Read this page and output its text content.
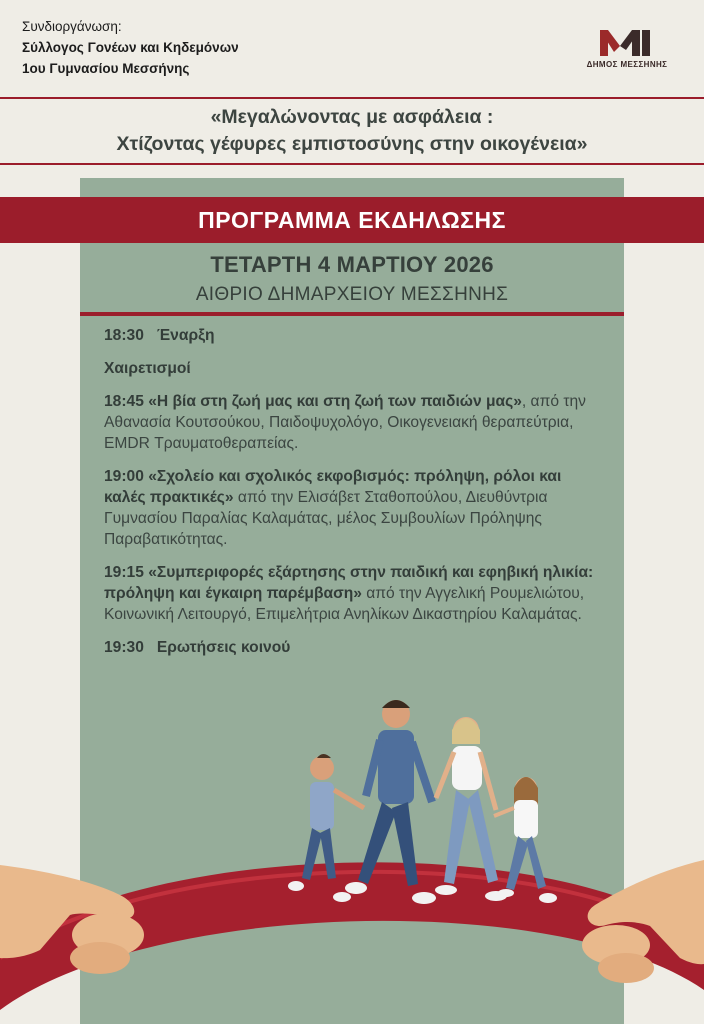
Συνδιοργάνωση:
Σύλλογος Γονέων και Κηδεμόνων
1ου Γυμνασίου Μεσσήνης	ΔΗΜΟΣ ΜΕΣΣΗΝΗΣ
«Μεγαλώνοντας με ασφάλεια :
Χτίζοντας γέφυρες εμπιστοσύνης στην οικογένεια»
ΠΡΟΓΡΑΜΜΑ ΕΚΔΗΛΩΣΗΣ
ΤΕΤΑΡΤΗ 4 ΜΑΡΤΙΟΥ 2026
ΑΙΘΡΙΟ ΔΗΜΑΡΧΕΙΟΥ ΜΕΣΣΗΝΗΣ
18:30   Έναρξη
Χαιρετισμοί
18:45 «Η βία στη ζωή μας και στη ζωή των παιδιών μας», από την Αθανασία Κουτσούκου, Παιδοψυχολόγο, Οικογενειακή θεραπεύτρια, EMDR Τραυματοθεραπείας.
19:00 «Σχολείο και σχολικός εκφοβισμός: πρόληψη, ρόλοι και καλές πρακτικές» από την Ελισάβετ Σταθοπούλου, Διευθύντρια Γυμνασίου Παραλίας Καλαμάτας, μέλος Συμβουλίων Πρόληψης Παραβατικότητας.
19:15 «Συμπεριφορές εξάρτησης στην παιδική και εφηβική ηλικία: πρόληψη και έγκαιρη παρέμβαση» από την Αγγελική Ρουμελιώτου, Κοινωνική Λειτουργό, Επιμελήτρια Ανηλίκων Δικαστηρίου Καλαμάτας.
19:30   Ερωτήσεις κοινού
